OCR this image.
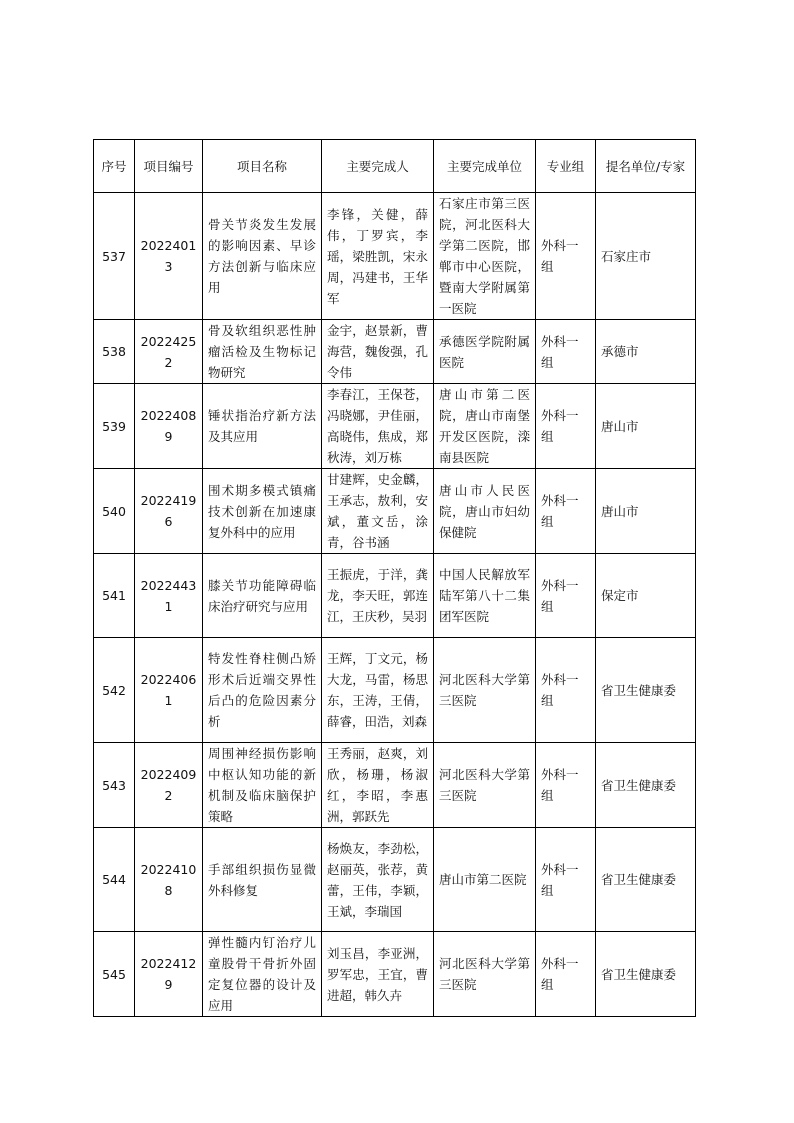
序号	项目编号	项目名称	主要完成人	主要完成单位	专业组	提名单位/专家
537	20224013	骨关节炎发生发展的影响因素、早诊方法创新与临床应用	李锋，关健，薛伟，丁罗宾，李瑶，梁胜凯，宋永周，冯建书，王华军	石家庄市第三医院，河北医科大学第二医院，邯郸市中心医院，暨南大学附属第一医院	外科一组	石家庄市
538	20224252	骨及软组织恶性肿瘤活检及生物标记物研究	金宇，赵景新，曹海营，魏俊强，孔令伟	承德医学院附属医院	外科一组	承德市
539	20224089	锤状指治疗新方法及其应用	李春江，王保苍，冯晓娜，尹佳丽，高晓伟，焦成，郑秋涛，刘万栋	唐山市第二医院，唐山市南堡开发区医院，滦南县医院	外科一组	唐山市
540	20224196	围术期多模式镇痛技术创新在加速康复外科中的应用	甘建辉，史金麟，王承志，敖利，安斌，董文岳，涂青，谷书涵	唐山市人民医院，唐山市妇幼保健院	外科一组	唐山市
541	20224431	膝关节功能障碍临床治疗研究与应用	王振虎，于洋，龚龙，李天旺，郭连江，王庆秒，吴羽	中国人民解放军陆军第八十二集团军医院	外科一组	保定市
542	20224061	特发性脊柱侧凸矫形术后近端交界性后凸的危险因素分析	王辉，丁文元，杨大龙，马雷，杨思东，王涛，王倩，薛睿，田浩，刘森	河北医科大学第三医院	外科一组	省卫生健康委
543	20224092	周围神经损伤影响中枢认知功能的新机制及临床脑保护策略	王秀丽，赵爽，刘欣，杨珊，杨淑红，李昭，李惠洲，郭跃先	河北医科大学第三医院	外科一组	省卫生健康委
544	20224108	手部组织损伤显微外科修复	杨焕友，李劲松，赵丽英，张荐，黄蕾，王伟，李颖，王斌，李瑞国	唐山市第二医院	外科一组	省卫生健康委
545	20224129	弹性髓内钉治疗儿童股骨干骨折外固定复位器的设计及应用	刘玉昌，李亚洲，罗军忠，王宜，曹进超，韩久卉	河北医科大学第三医院	外科一组	省卫生健康委
